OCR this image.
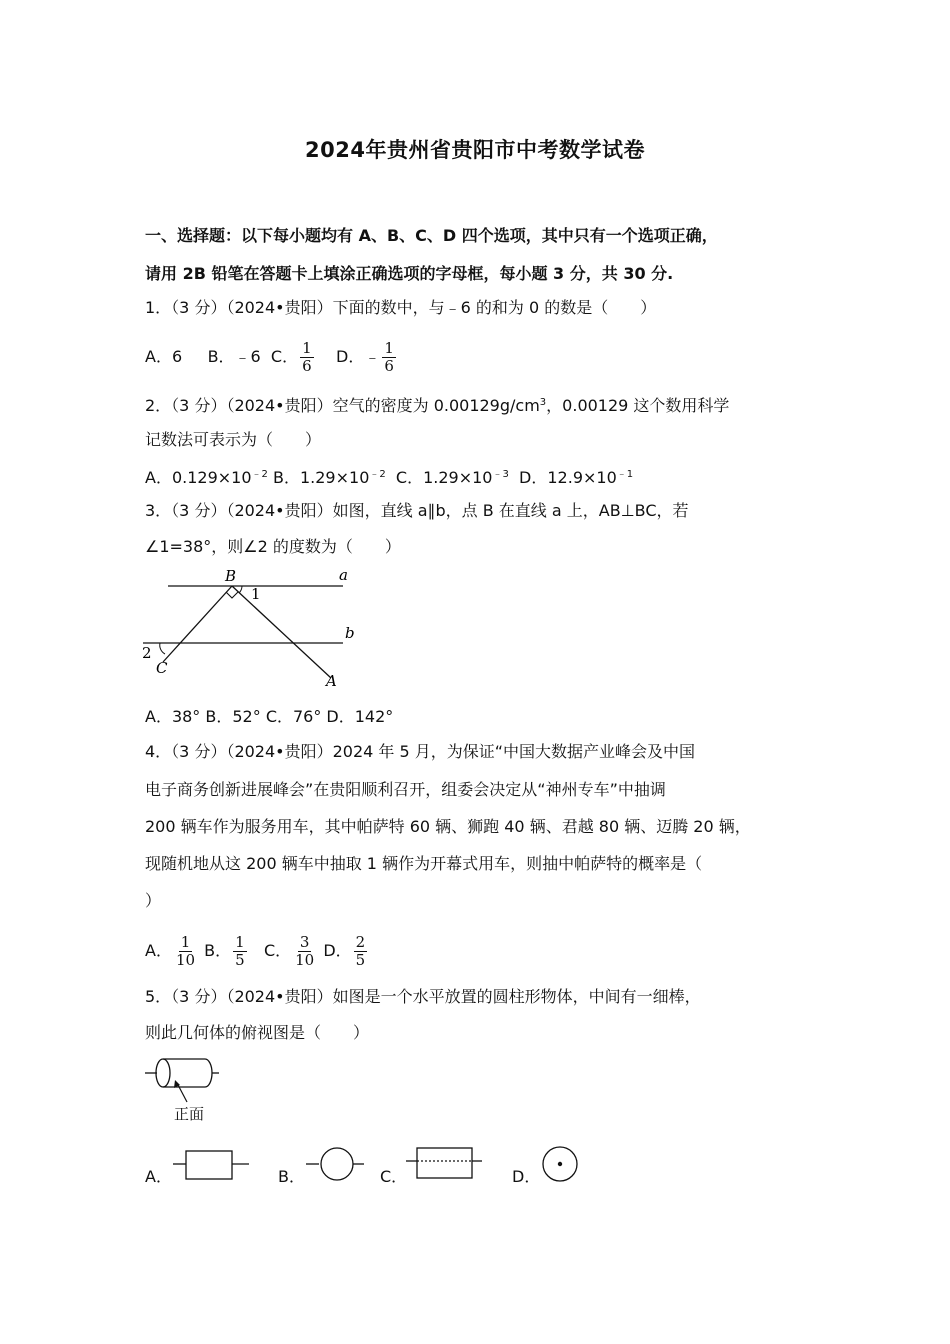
2024年贵州省贵阳市中考数学试卷
一、选择题：以下每小题均有 A、B、C、D 四个选项，其中只有一个选项正确，
请用 2B 铅笔在答题卡上填涂正确选项的字母框，每小题 3 分，共 30 分.
1．（3 分）（2024•贵阳）下面的数中，与﹣6 的和为 0 的数是（　　）
A．6 B．﹣6 C． $\frac{1}{6}$ D．﹣ $\frac{1}{6}$
2．（3 分）（2024•贵阳）空气的密度为 $0.00129g/cm^3$，0.00129 这个数用科学
记数法可表示为（　　）
A．$0.129\times 10^{﹣2}$ B．$1.29\times 10^{﹣2}$ C．$1.29\times 10^{﹣3}$ D．$12.9\times 10^{﹣1}$
3．（3 分）（2024•贵阳）如图，直线 a∥b，点 B 在直线 a 上，AB⊥BC，若
∠1=38°，则∠2 的度数为（　　）
B	a
b
1
2
C
A
A．38° B．52° C．76° D．142°
4．（3 分）（2024•贵阳）2024 年 5 月，为保证“中国大数据产业峰会及中国
电子商务创新进展峰会”在贵阳顺利召开，组委会决定从“神州专车”中抽调
200 辆车作为服务用车，其中帕萨特 60 辆、狮跑 40 辆、君越 80 辆、迈腾 20 辆，
现随机地从这 200 辆车中抽取 1 辆作为开幕式用车，则抽中帕萨特的概率是（
）
A． $\frac{1}{10}$ B． $\frac{1}{5}$ C． $\frac{3}{10}$ D． $\frac{2}{5}$
5．（3 分）（2024•贵阳）如图是一个水平放置的圆柱形物体，中间有一细棒，
则此几何体的俯视图是（　　）
正面
A．	B．	C．	D．
